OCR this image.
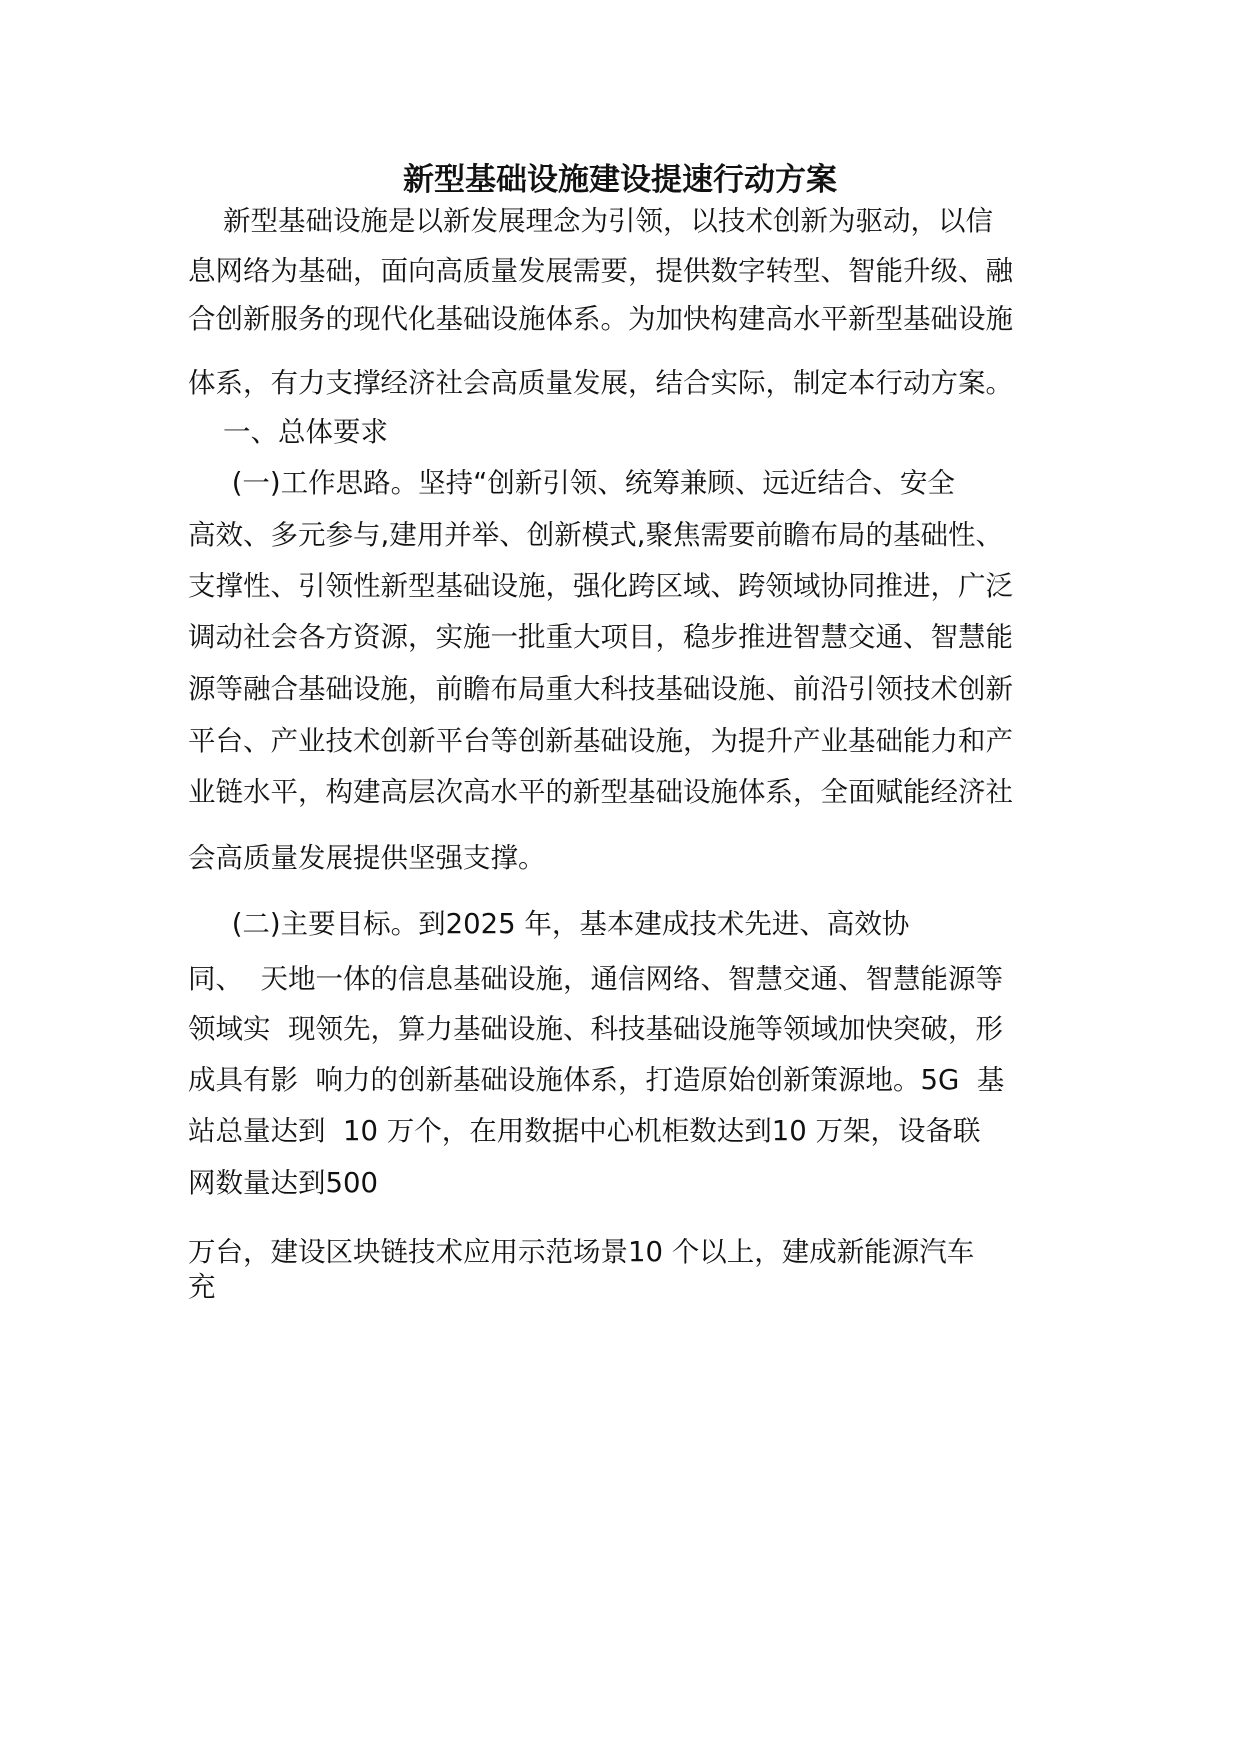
新型基础设施建设提速行动方案

新型基础设施是以新发展理念为引领，以技术创新为驱动，以信

息网络为基础，面向高质量发展需要，提供数字转型、智能升级、融

合创新服务的现代化基础设施体系。为加快构建高水平新型基础设施

体系，有力支撑经济社会高质量发展，结合实际，制定本行动方案。

一、总体要求

(一)工作思路。坚持“创新引领、统筹兼顾、远近结合、安全

高效、多元参与,建用并举、创新模式,聚焦需要前瞻布局的基础性、

支撑性、引领性新型基础设施，强化跨区域、跨领域协同推进，广泛

调动社会各方资源，实施一批重大项目，稳步推进智慧交通、智慧能

源等融合基础设施，前瞻布局重大科技基础设施、前沿引领技术创新

平台、产业技术创新平台等创新基础设施，为提升产业基础能力和产

业链水平，构建高层次高水平的新型基础设施体系，全面赋能经济社

会高质量发展提供坚强支撑。

(二)主要目标。到2025 年，基本建成技术先进、高效协

同、  天地一体的信息基础设施，通信网络、智慧交通、智慧能源等

领域实  现领先，算力基础设施、科技基础设施等领域加快突破，形

成具有影  响力的创新基础设施体系，打造原始创新策源地。5G  基

站总量达到  10 万个，在用数据中心机柜数达到10 万架，设备联

网数量达到500

万台，建设区块链技术应用示范场景10 个以上，建成新能源汽车

充
